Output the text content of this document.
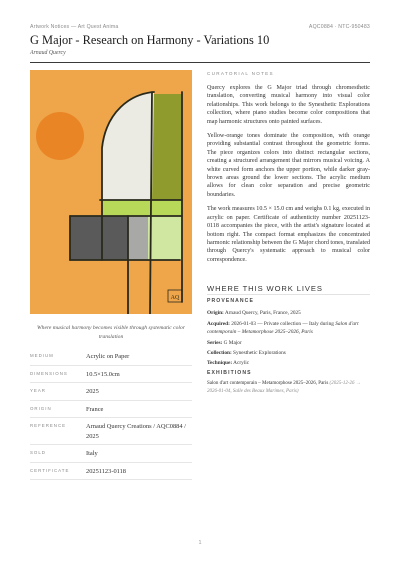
Artwork Notices — Art Quest Anima	AQC0884 · NTC-950483
G Major - Research on Harmony - Variations 10
Arnaud Quercy
AQ
Where musical harmony becomes visible through systematic color translation
MEDIUM	Acrylic on Paper
DIMENSIONS	10.5×15.0cm
YEAR	2025
ORIGIN	France
REFERENCE	Arnaud Quercy Creations / AQC0884 / 2025
SOLD	Italy
CERTIFICATE	20251123-0118
CURATORIAL NOTES

Quercy explores the G Major triad through chromesthetic translation, converting musical harmony into visual color relationships. This work belongs to the Synesthetic Explorations collection, where piano studies become color compositions that map harmonic structures onto painted surfaces.

Yellow-orange tones dominate the composition, with orange providing substantial contrast throughout the geometric forms. The piece organizes colors into distinct rectangular sections, creating a structured arrangement that mirrors musical voicing. A white curved form anchors the upper portion, while darker gray-brown areas ground the lower sections. The acrylic medium allows for clean color separation and precise geometric boundaries.

The work measures 10.5 × 15.0 cm and weighs 0.1 kg, executed in acrylic on paper. Certificate of authenticity number 20251123-0118 accompanies the piece, with the artist's signature located at bottom right. The compact format emphasizes the concentrated harmonic relationship between the G Major chord tones, translated through Quercy's systematic approach to musical color correspondence.

WHERE THIS WORK LIVES
PROVENANCE
Origin: Arnaud Quercy, Paris, France, 2025
Acquired: 2026-01-03 — Private collection — Italy during Salon d'art contemporain – Metamorphose 2025–2026, Paris
Series: G Major
Collection: Synesthetic Explorations
Technique: Acrylic
EXHIBITIONS
Salon d'art contemporain – Metamorphose 2025–2026, Paris (2025-12-26 → 2026-01-04, Salle des Beaux Marimes, Paris)
1
